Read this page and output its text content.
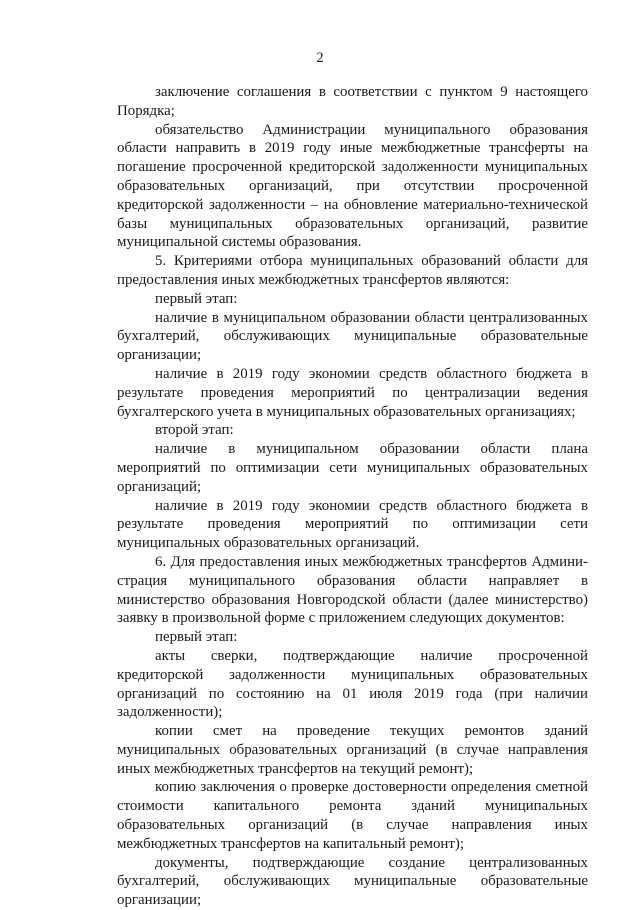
2

заключение соглашения в соответствии с пунктом 9 настоящего Порядка;

обязательство Администрации муниципального образования области направить в 2019 году иные межбюджетные трансферты на погашение просроченной кредиторской задолженности муниципальных образовательных организаций, при отсутствии просроченной кредиторской задолженности – на обновление материально-технической базы муниципальных образовательных организаций, развитие муниципальной системы образования.

5. Критериями отбора муниципальных образований области для предоставления иных межбюджетных трансфертов являются:

первый этап:

наличие в муниципальном образовании области централизованных бухгалтерий, обслуживающих муниципальные образовательные организации;

наличие в 2019 году экономии средств областного бюджета в результате проведения мероприятий по централизации ведения бухгалтерского учета в муниципальных образовательных организациях;

второй этап:

наличие в муниципальном образовании области плана мероприятий по оптимизации сети муниципальных образовательных организаций;

наличие в 2019 году экономии средств областного бюджета в результате проведения мероприятий по оптимизации сети муниципальных образовательных организаций.

6. Для предоставления иных межбюджетных трансфертов Администрация муниципального образования области направляет в министерство образования Новгородской области (далее министерство) заявку в произвольной форме с приложением следующих документов:

первый этап:

акты сверки, подтверждающие наличие просроченной кредиторской задолженности муниципальных образовательных организаций по состоянию на 01 июля 2019 года (при наличии задолженности);

копии смет на проведение текущих ремонтов зданий муниципальных образовательных организаций (в случае направления иных межбюджетных трансфертов на текущий ремонт);

копию заключения о проверке достоверности определения сметной стоимости капитального ремонта зданий муниципальных образовательных организаций (в случае направления иных межбюджетных трансфертов на капитальный ремонт);

документы, подтверждающие создание централизованных бухгалтерий, обслуживающих муниципальные образовательные организации;
